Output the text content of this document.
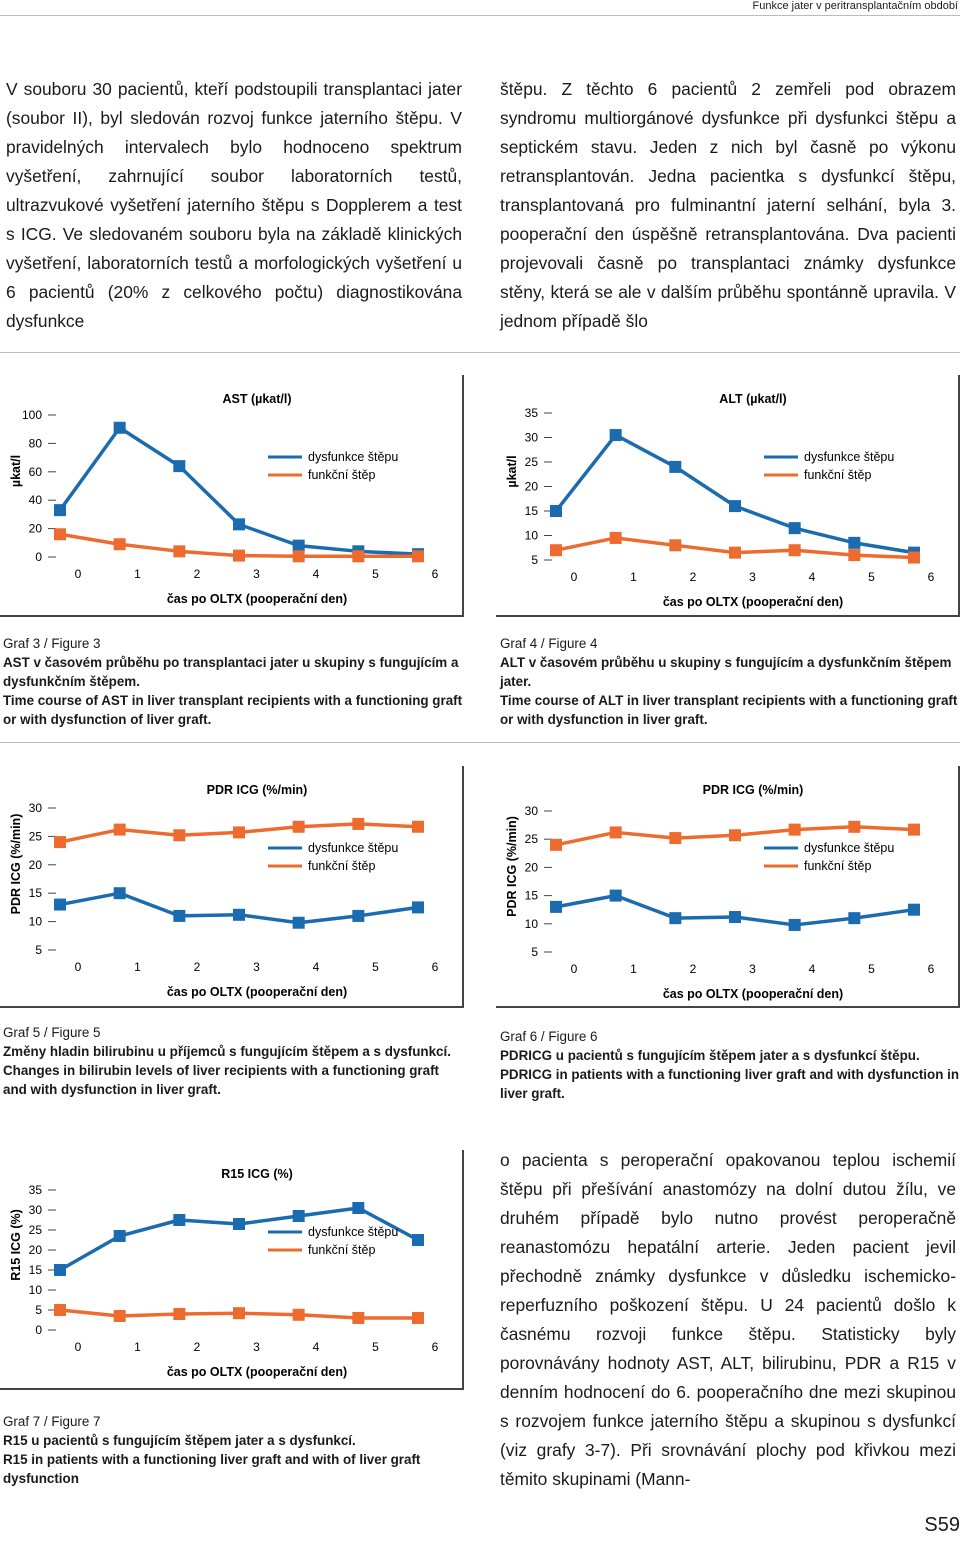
Funkce jater v peritransplantačním období

V souboru 30 pacientů, kteří podstoupili transplantaci jater (soubor II), byl sledován rozvoj funkce jaterního štěpu. V pravidelných intervalech bylo hodnoceno spektrum vyšetření, zahrnující soubor laboratorních testů, ultrazvukové vyšetření jaterního štěpu s Dopplerem a test s ICG. Ve sledovaném souboru byla na základě klinických vyšetření, laboratorních testů a morfologických vyšetření u 6 pacientů (20% z celkového počtu) diagnostikována dysfunkce

štěpu. Z těchto 6 pacientů 2 zemřeli pod obrazem syndromu multiorgánové dysfunkce při dysfunkci štěpu a septickém stavu. Jeden z nich byl časně po výkonu retransplantován. Jedna pacientka s dysfunkcí štěpu, transplantovaná pro fulminantní jaterní selhání, byla 3. pooperační den úspěšně retransplantována. Dva pacienti projevovali časně po transplantaci známky dysfunkce stěny, která se ale v dalším průběhu spontánně upravila. V jednom případě šlo

AST (µkat/l)
0
20
40
60
80
100
µkat/l
0	1	2	3	4	5	6
čas po OLTX (pooperační den)
dysfunkce štěpu
funkční štěp
ALT (µkat/l)
5
10
15
20
25
30
35
µkat/l
0	1	2	3	4	5	6
čas po OLTX (pooperační den)
dysfunkce štěpu
funkční štěp
Graf 3 / Figure 3
AST v časovém průběhu po transplantaci jater u skupiny s fungujícím a dysfunkčním štěpem.
Time course of AST in liver transplant recipients with a functioning graft or with dysfunction of liver graft.
Graf 4 / Figure 4
ALT v časovém průběhu u skupiny s fungujícím a dysfunkčním štěpem jater.
Time course of ALT in liver transplant recipients with a functioning graft or with dysfunction in liver graft.
PDR ICG (%/min)
5
10
15
20
25
30
PDR ICG (%/min)
0	1	2	3	4	5	6
čas po OLTX (pooperační den)
dysfunkce štěpu
funkční štěp
PDR ICG (%/min)
5
10
15
20
25
30
PDR ICG (%/min)
0	1	2	3	4	5	6
čas po OLTX (pooperační den)
dysfunkce štěpu
funkční štěp
Graf 5 / Figure 5
Změny hladin bilirubinu u příjemců s fungujícím štěpem a s dysfunkcí.
Changes in bilirubin levels of liver recipients with a functioning graft and with dysfunction in liver graft.
Graf 6 / Figure 6
PDRICG u pacientů s fungujícím štěpem jater a s dysfunkcí štěpu.
PDRICG in patients with a functioning liver graft and with dysfunction in liver graft.
R15 ICG (%)
0
5
10
15
20
25
30
35
R15 ICG (%)
0	1	2	3	4	5	6
čas po OLTX (pooperační den)
dysfunkce štěpu
funkční štěp
Graf 7 / Figure 7
R15 u pacientů s fungujícím štěpem jater a s dysfunkcí.
R15 in patients with a functioning liver graft and with of liver graft dysfunction

o pacienta s peroperační opakovanou teplou ischemií štěpu při přešívání anastomózy na dolní dutou žílu, ve druhém případě bylo nutno provést peroperačně reanastomózu hepatální arterie. Jeden pacient jevil přechodně známky dysfunkce v důsledku ischemicko-reperfuzního poškození štěpu. U 24 pacientů došlo k časnému rozvoji funkce štěpu. Statisticky byly porovnávány hodnoty AST, ALT, bilirubinu, PDR a R15 v denním hodnocení do 6. pooperačního dne mezi skupinou s rozvojem funkce jaterního štěpu a skupinou s dysfunkcí (viz grafy 3-7). Při srovnávání plochy pod křivkou mezi těmito skupinami (Mann-

S59
